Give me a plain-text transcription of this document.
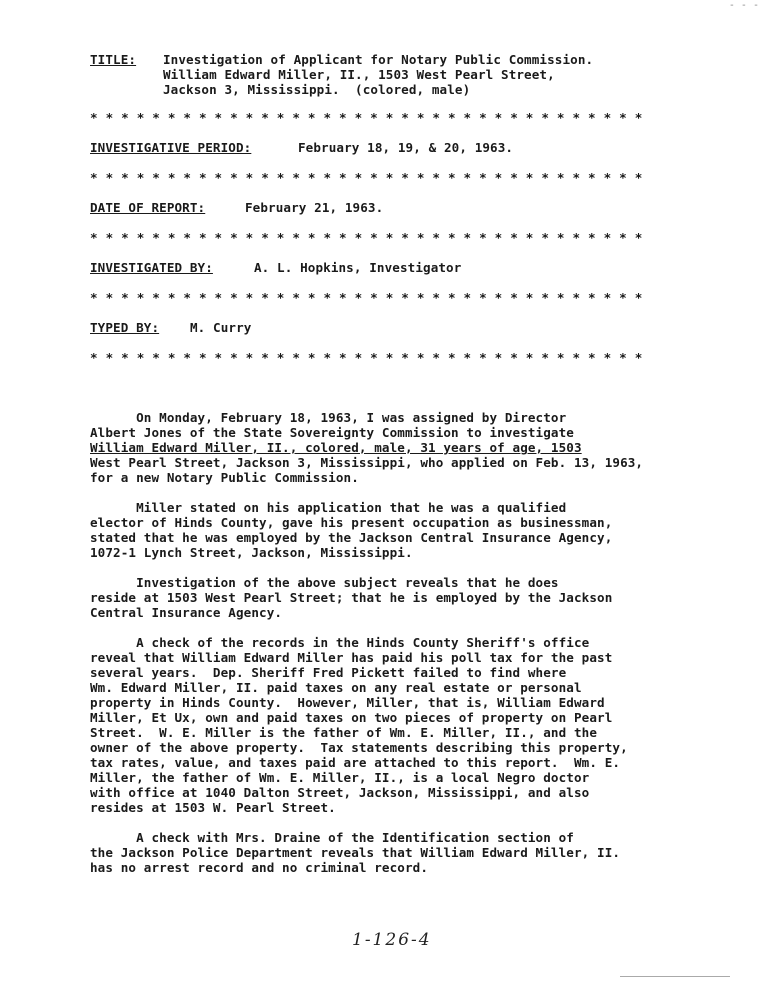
TITLE: Investigation of Applicant for Notary Public Commission.
William Edward Miller, II., 1503 West Pearl Street,
Jackson 3, Mississippi.  (colored, male)
* * * * * * * * * * * * * * * * * * * * * * * * * * * * * * * * * * * *
INVESTIGATIVE PERIOD:	February 18, 19, & 20, 1963.
* * * * * * * * * * * * * * * * * * * * * * * * * * * * * * * * * * * *
DATE OF REPORT:	February 21, 1963.
* * * * * * * * * * * * * * * * * * * * * * * * * * * * * * * * * * * *
INVESTIGATED BY:	A. L. Hopkins, Investigator
* * * * * * * * * * * * * * * * * * * * * * * * * * * * * * * * * * * *
TYPED BY: M. Curry
* * * * * * * * * * * * * * * * * * * * * * * * * * * * * * * * * * * *
On Monday, February 18, 1963, I was assigned by Director
Albert Jones of the State Sovereignty Commission to investigate
William Edward Miller, II., colored, male, 31 years of age, 1503
West Pearl Street, Jackson 3, Mississippi, who applied on Feb. 13, 1963,
for a new Notary Public Commission.
Miller stated on his application that he was a qualified
elector of Hinds County, gave his present occupation as businessman,
stated that he was employed by the Jackson Central Insurance Agency,
1072-1 Lynch Street, Jackson, Mississippi.
Investigation of the above subject reveals that he does
reside at 1503 West Pearl Street; that he is employed by the Jackson
Central Insurance Agency.
A check of the records in the Hinds County Sheriff's office
reveal that William Edward Miller has paid his poll tax for the past
several years.  Dep. Sheriff Fred Pickett failed to find where
Wm. Edward Miller, II. paid taxes on any real estate or personal
property in Hinds County.  However, Miller, that is, William Edward
Miller, Et Ux, own and paid taxes on two pieces of property on Pearl
Street.  W. E. Miller is the father of Wm. E. Miller, II., and the
owner of the above property.  Tax statements describing this property,
tax rates, value, and taxes paid are attached to this report.  Wm. E.
Miller, the father of Wm. E. Miller, II., is a local Negro doctor
with office at 1040 Dalton Street, Jackson, Mississippi, and also
resides at 1503 W. Pearl Street.
A check with Mrs. Draine of the Identification section of
the Jackson Police Department reveals that William Edward Miller, II.
has no arrest record and no criminal record.
1-126-4
- - -
